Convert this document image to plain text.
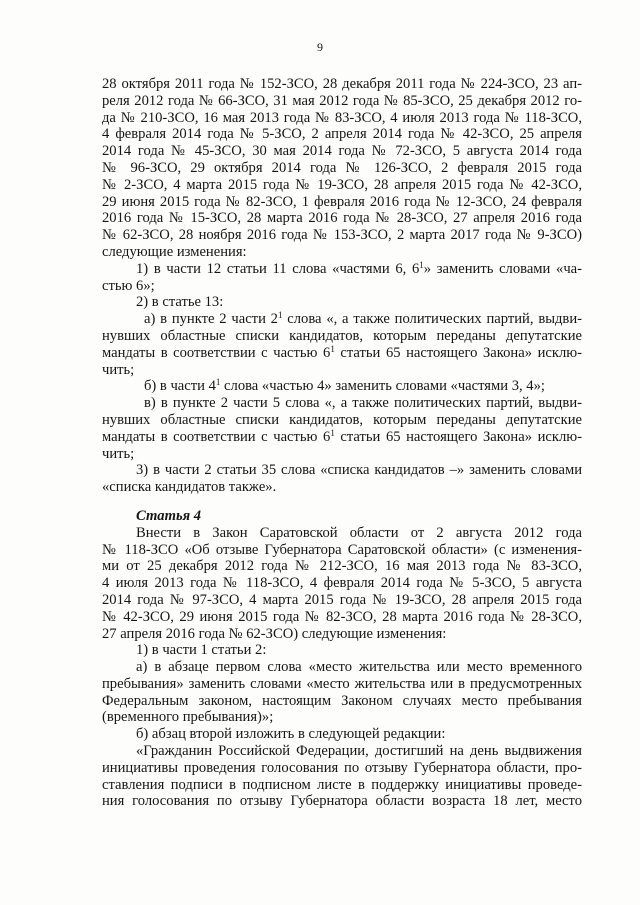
9
28 октября 2011 года № 152-ЗСО, 28 декабря 2011 года № 224-ЗСО, 23 ап-
реля 2012 года № 66-ЗСО, 31 мая 2012 года № 85-ЗСО, 25 декабря 2012 го-
да № 210-ЗСО, 16 мая 2013 года № 83-ЗСО, 4 июля 2013 года № 118-ЗСО,
4 февраля 2014 года № 5-ЗСО, 2 апреля 2014 года № 42-ЗСО, 25 апреля
2014 года № 45-ЗСО, 30 мая 2014 года № 72-ЗСО, 5 августа 2014 года
№ 96-ЗСО, 29 октября 2014 года № 126-ЗСО, 2 февраля 2015 года
№ 2-ЗСО, 4 марта 2015 года № 19-ЗСО, 28 апреля 2015 года № 42-ЗСО,
29 июня 2015 года № 82-ЗСО, 1 февраля 2016 года № 12-ЗСО, 24 февраля
2016 года № 15-ЗСО, 28 марта 2016 года № 28-ЗСО, 27 апреля 2016 года
№ 62-ЗСО, 28 ноября 2016 года № 153-ЗСО, 2 марта 2017 года № 9-ЗСО)
следующие изменения:
1) в части 12 статьи 11 слова «частями 6, $6^1$» заменить словами «ча-
стью 6»;
2) в статье 13:
а) в пункте 2 части $2^1$ слова «, а также политических партий, выдви-
нувших областные списки кандидатов, которым переданы депутатские
мандаты в соответствии с частью $6^1$ статьи 65 настоящего Закона» исклю-
чить;
б) в части $4^1$ слова «частью 4» заменить словами «частями 3, 4»;
в) в пункте 2 части 5 слова «, а также политических партий, выдви-
нувших областные списки кандидатов, которым переданы депутатские
мандаты в соответствии с частью $6^1$ статьи 65 настоящего Закона» исклю-
чить;
3) в части 2 статьи 35 слова «списка кандидатов –» заменить словами
«списка кандидатов также».
Статья 4
Внести в Закон Саратовской области от 2 августа 2012 года
№ 118-ЗСО «Об отзыве Губернатора Саратовской области» (с изменения-
ми от 25 декабря 2012 года № 212-ЗСО, 16 мая 2013 года № 83-ЗСО,
4 июля 2013 года № 118-ЗСО, 4 февраля 2014 года № 5-ЗСО, 5 августа
2014 года № 97-ЗСО, 4 марта 2015 года № 19-ЗСО, 28 апреля 2015 года
№ 42-ЗСО, 29 июня 2015 года № 82-ЗСО, 28 марта 2016 года № 28-ЗСО,
27 апреля 2016 года № 62-ЗСО) следующие изменения:
1) в части 1 статьи 2:
а) в абзаце первом слова «место жительства или место временного
пребывания» заменить словами «место жительства или в предусмотренных
Федеральным законом, настоящим Законом случаях место пребывания
(временного пребывания)»;
б) абзац второй изложить в следующей редакции:
«Гражданин Российской Федерации, достигший на день выдвижения
инициативы проведения голосования по отзыву Губернатора области, про-
ставления подписи в подписном листе в поддержку инициативы проведе-
ния голосования по отзыву Губернатора области возраста 18 лет, место
